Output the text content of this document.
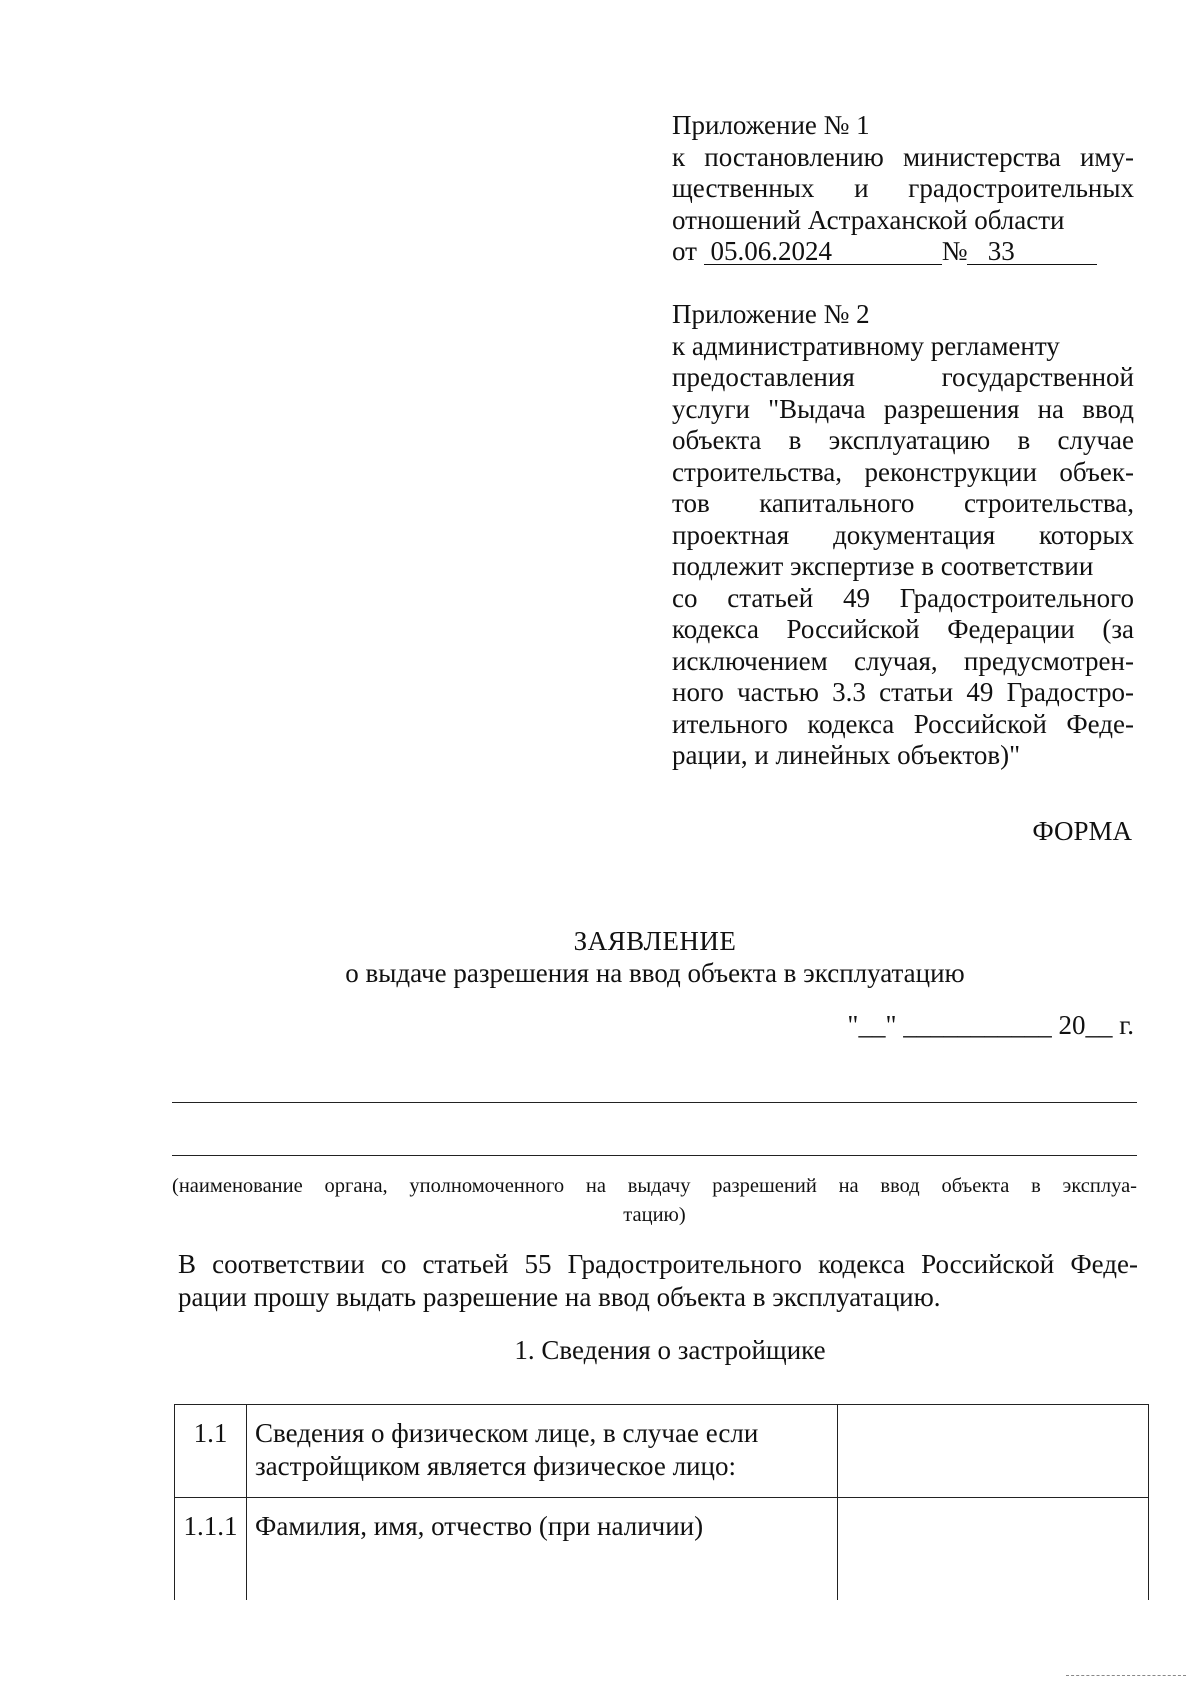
Приложение № 1
к постановлению министерства иму-
щественных и градостроительных
отношений Астраханской области
от 05.06.2024	№ 33
Приложение № 2
к административному регламенту
предоставления государственной
услуги "Выдача разрешения на ввод
объекта в эксплуатацию в случае
строительства, реконструкции объек-
тов капитального строительства,
проектная документация которых
подлежит экспертизе в соответствии
со статьей 49 Градостроительного
кодекса Российской Федерации (за
исключением случая, предусмотрен-
ного частью 3.3 статьи 49 Градостро-
ительного кодекса Российской Феде-
рации, и линейных объектов)"
ФОРМА
ЗАЯВЛЕНИЕ
о выдаче разрешения на ввод объекта в эксплуатацию
"__" ___________ 20__ г.
(наименование органа, уполномоченного на выдачу разрешений на ввод объекта в эксплуа-
тацию)
В соответствии со статьей 55 Градостроительного кодекса Российской Феде-
рации прошу выдать разрешение на ввод объекта в эксплуатацию.
1. Сведения о застройщике
1.1	Сведения о физическом лице, в случае если
застройщиком является физическое лицо:	
1.1.1	Фамилия, имя, отчество (при наличии)	
